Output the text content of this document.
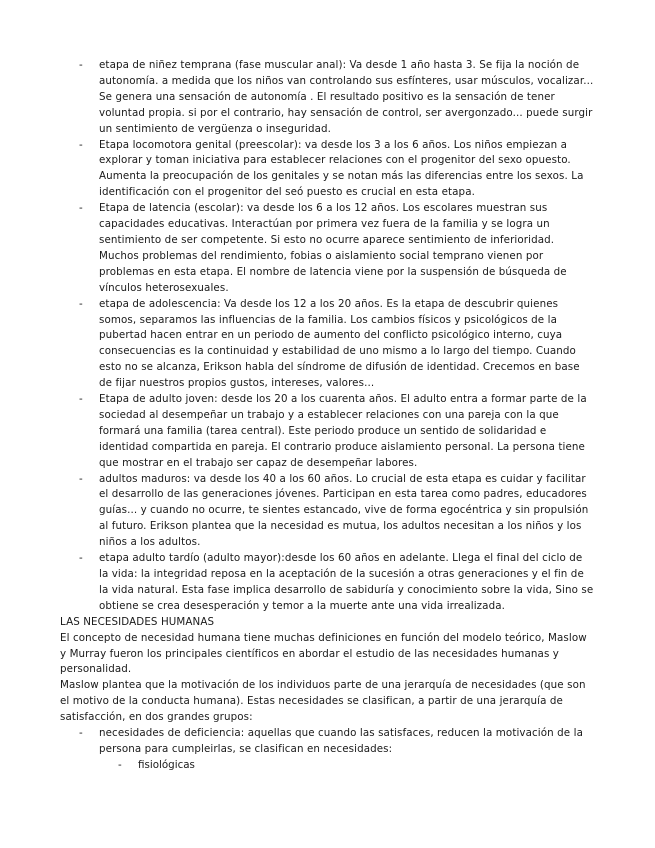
- etapa de niñez temprana (fase muscular anal): Va desde 1 año hasta 3. Se fija la noción de autonomía. a medida que los niños van controlando sus esfínteres, usar músculos, vocalizar... Se genera una sensación de autonomía . El resultado positivo es la sensación de tener voluntad propia. si por el contrario, hay sensación de control, ser avergonzado... puede surgir un sentimiento de vergüenza o inseguridad.
- Etapa locomotora genital (preescolar): va desde los 3 a los 6 años. Los niños empiezan a explorar y toman iniciativa para establecer relaciones con el progenitor del sexo opuesto. Aumenta la preocupación de los genitales y se notan más las diferencias entre los sexos. La identificación con el progenitor del seó puesto es crucial en esta etapa.
- Etapa de latencia (escolar): va desde los 6 a los 12 años. Los escolares muestran sus capacidades educativas. Interactúan por primera vez fuera de la familia y se logra un sentimiento de ser competente. Si esto no ocurre aparece sentimiento de inferioridad. Muchos problemas del rendimiento, fobias o aislamiento social temprano vienen por problemas en esta etapa. El nombre de latencia viene por la suspensión de búsqueda de vínculos heterosexuales.
- etapa de adolescencia: Va desde los 12 a los 20 años. Es la etapa de descubrir quienes somos, separamos las influencias de la familia. Los cambios físicos y psicológicos de la pubertad hacen entrar en un periodo de aumento del conflicto psicológico interno, cuya consecuencias es la continuidad y estabilidad de uno mismo a lo largo del tiempo. Cuando esto no se alcanza, Erikson habla del síndrome de difusión de identidad. Crecemos en base de fijar nuestros propios gustos, intereses, valores...
- Etapa de adulto joven: desde los 20 a los cuarenta años. El adulto entra a formar parte de la sociedad al desempeñar un trabajo y a establecer relaciones con una pareja con la que formará una familia (tarea central). Este periodo produce un sentido de solidaridad e identidad compartida en pareja. El contrario produce aislamiento personal. La persona tiene que mostrar en el trabajo ser capaz de desempeñar labores.
- adultos maduros: va desde los 40 a los 60 años. Lo crucial de esta etapa es cuidar y facilitar el desarrollo de las generaciones jóvenes. Participan en esta tarea como padres, educadores guías... y cuando no ocurre, te sientes estancado, vive de forma egocéntrica y sin propulsión al futuro. Erikson plantea que la necesidad es mutua, los adultos necesitan a los niños y los niños a los adultos.
- etapa adulto tardío (adulto mayor):desde los 60 años en adelante. Llega el final del ciclo de la vida: la integridad reposa en la aceptación de la sucesión a otras generaciones y el fin de la vida natural. Esta fase implica desarrollo de sabiduría y conocimiento sobre la vida, Sino se obtiene se crea desesperación y temor a la muerte ante una vida irrealizada.

LAS NECESIDADES HUMANAS

El concepto de necesidad humana tiene muchas definiciones en función del modelo teórico, Maslow y Murray fueron los principales científicos en abordar el estudio de las necesidades humanas y personalidad.

Maslow plantea que la motivación de los individuos parte de una jerarquía de necesidades (que son el motivo de la conducta humana). Estas necesidades se clasifican, a partir de una jerarquía de satisfacción, en dos grandes grupos:

- necesidades de deficiencia: aquellas que cuando las satisfaces, reducen la motivación de la persona para cumpleirlas, se clasifican en necesidades:
- fisiológicas
